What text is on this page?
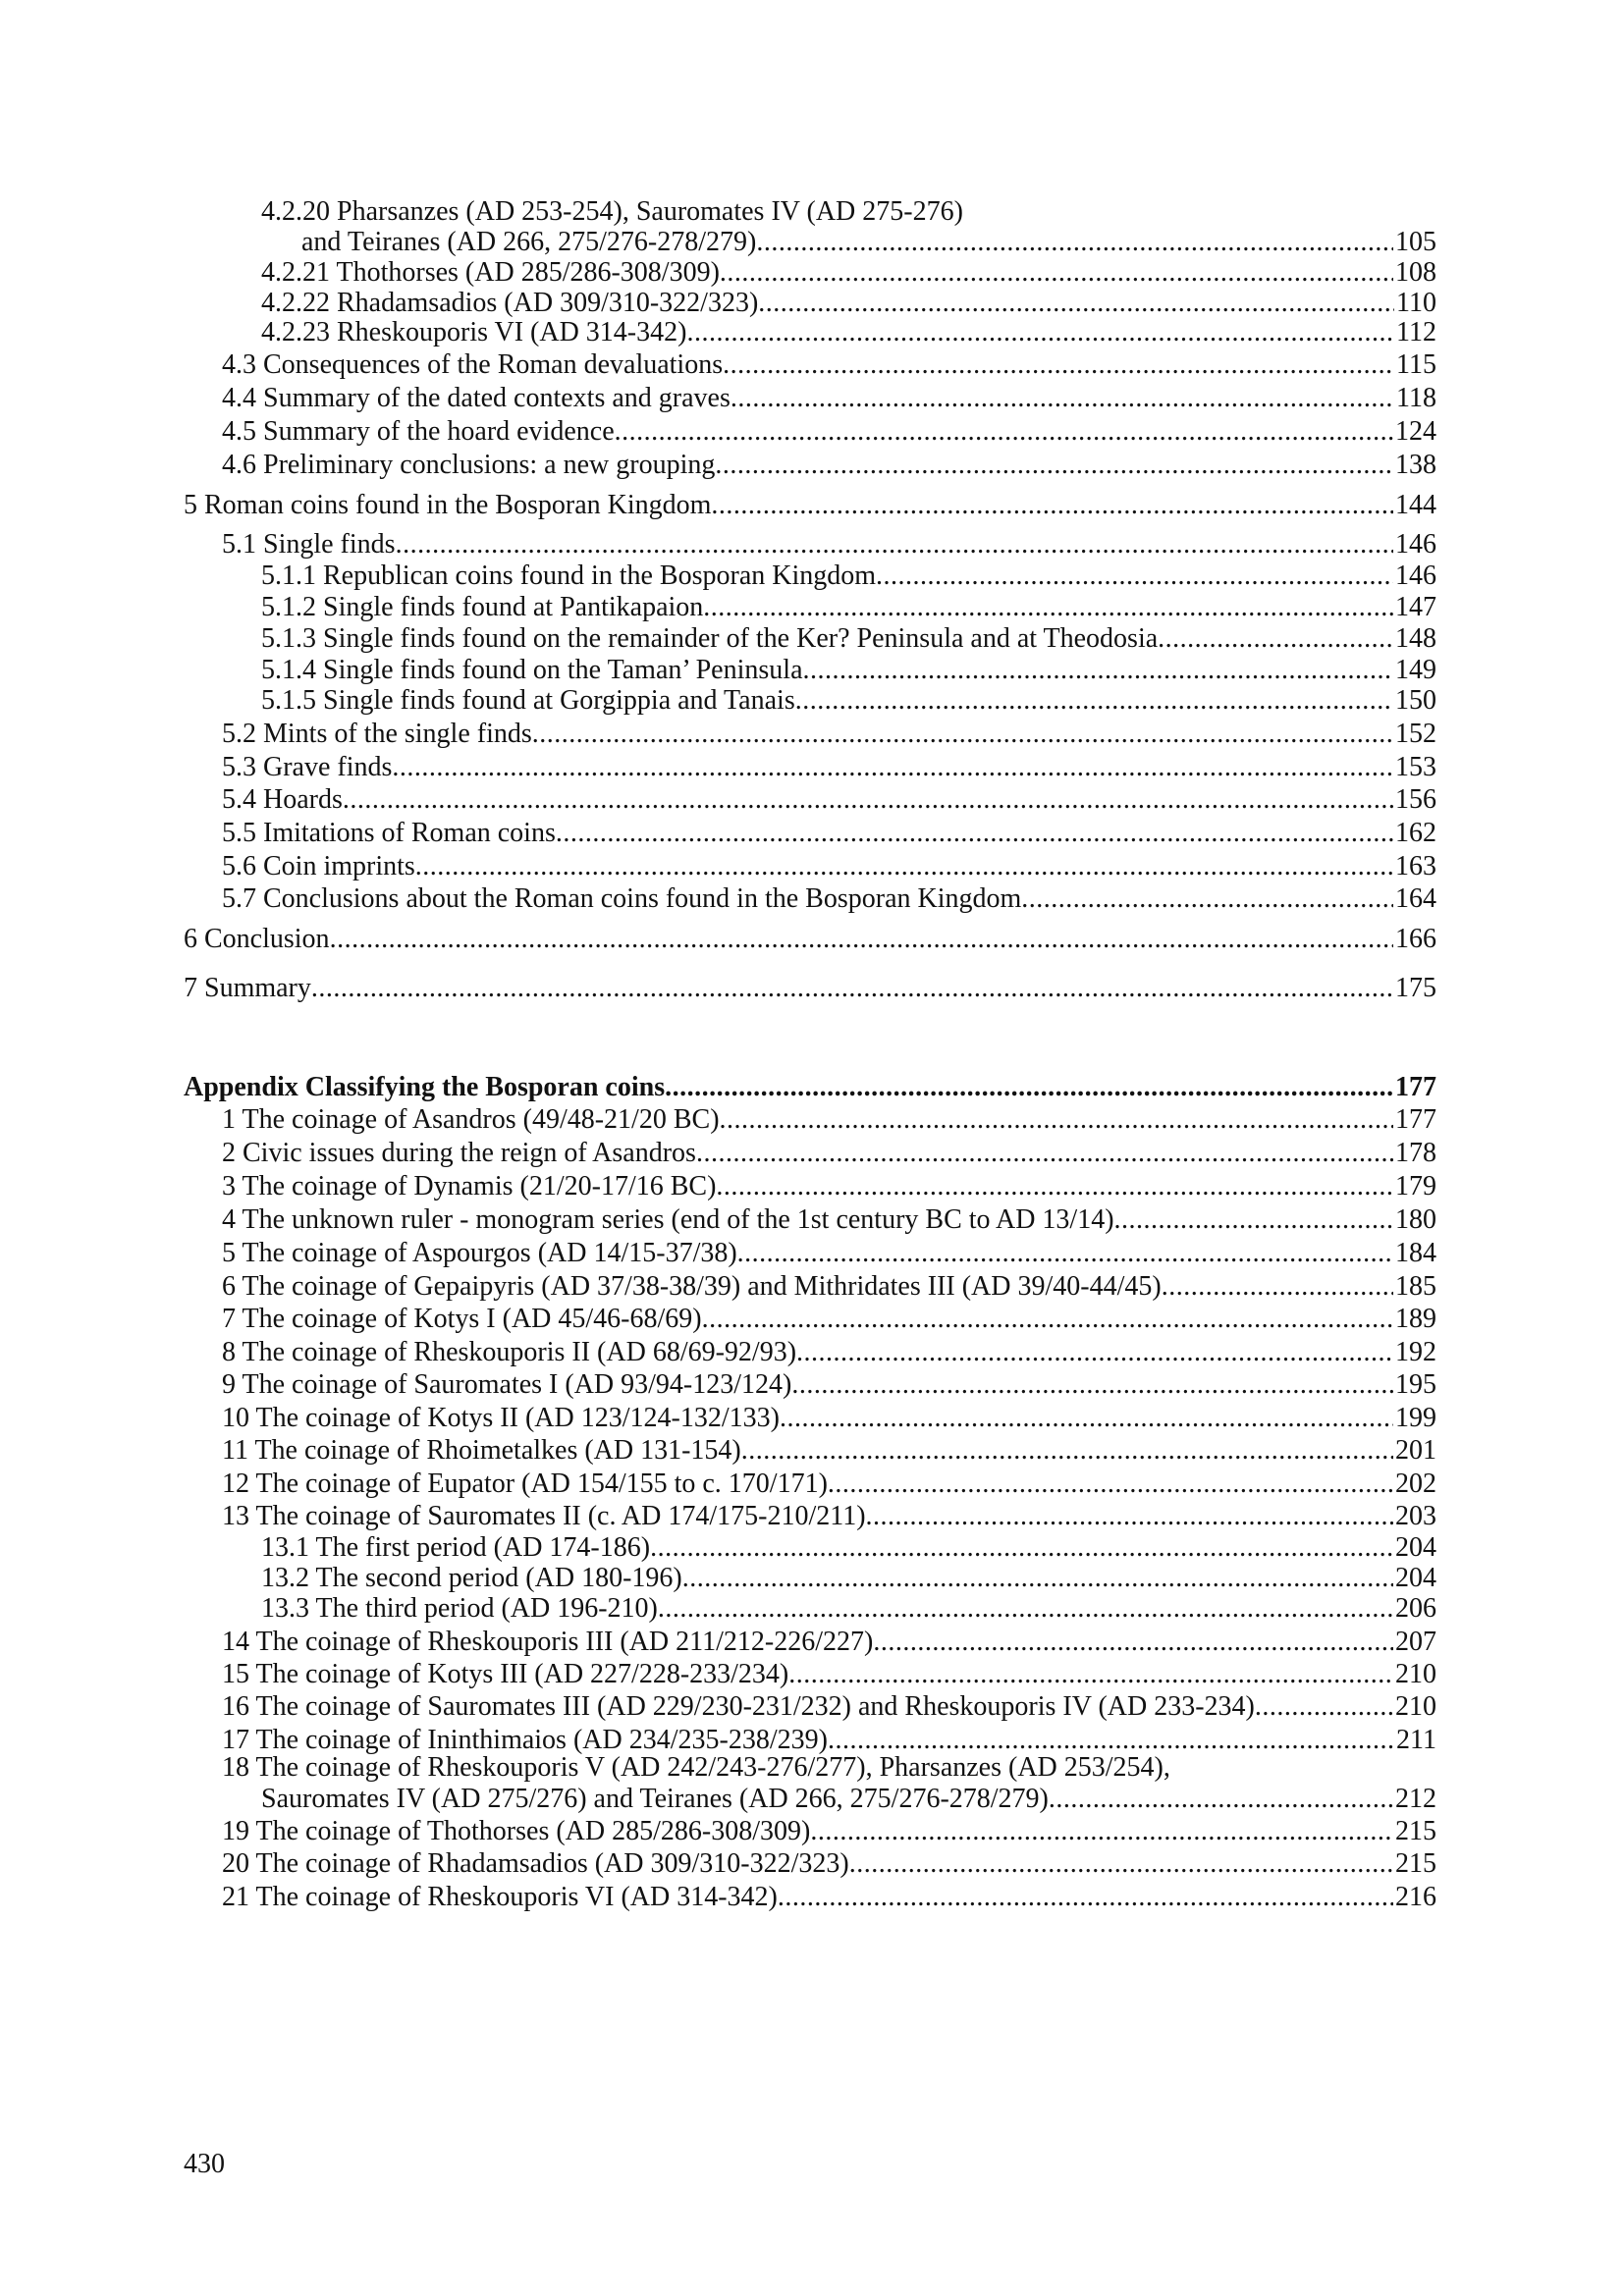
4.2.20 Pharsanzes (AD 253-254), Sauromates IV (AD 275-276)
and Teiranes (AD 266, 275/276-278/279) .....	105
4.2.21 Thothorses (AD 285/286-308/309) .....	108
4.2.22 Rhadamsadios (AD 309/310-322/323) .....	110
4.2.23 Rheskouporis VI (AD 314-342) .....	112
4.3 Consequences of the Roman devaluations .....	115
4.4 Summary of the dated contexts and graves .....	118
4.5 Summary of the hoard evidence .....	124
4.6 Preliminary conclusions: a new grouping .....	138
5 Roman coins found in the Bosporan Kingdom .....	144
5.1 Single finds .....	146
5.1.1 Republican coins found in the Bosporan Kingdom .....	146
5.1.2 Single finds found at Pantikapaion .....	147
5.1.3 Single finds found on the remainder of the Ker? Peninsula and at Theodosia .....	148
5.1.4 Single finds found on the Taman’ Peninsula .....	149
5.1.5 Single finds found at Gorgippia and Tanais .....	150
5.2 Mints of the single finds .....	152
5.3 Grave finds .....	153
5.4 Hoards .....	156
5.5 Imitations of Roman coins .....	162
5.6 Coin imprints .....	163
5.7 Conclusions about the Roman coins found in the Bosporan Kingdom .....	164
6 Conclusion .....	166
7 Summary .....	175
Appendix Classifying the Bosporan coins .....	177
1 The coinage of Asandros (49/48-21/20 BC) .....	177
2 Civic issues during the reign of Asandros .....	178
3 The coinage of Dynamis (21/20-17/16 BC) .....	179
4 The unknown ruler - monogram series (end of the 1st century BC to AD 13/14) .....	180
5 The coinage of Aspourgos (AD 14/15-37/38) .....	184
6 The coinage of Gepaipyris (AD 37/38-38/39) and Mithridates III (AD 39/40-44/45) .....	185
7 The coinage of Kotys I (AD 45/46-68/69) .....	189
8 The coinage of Rheskouporis II (AD 68/69-92/93) .....	192
9 The coinage of Sauromates I (AD 93/94-123/124) .....	195
10 The coinage of Kotys II (AD 123/124-132/133) .....	199
11 The coinage of Rhoimetalkes (AD 131-154) .....	201
12 The coinage of Eupator (AD 154/155 to c. 170/171) .....	202
13 The coinage of Sauromates II (c. AD 174/175-210/211) .....	203
13.1 The first period (AD 174-186) .....	204
13.2 The second period (AD 180-196) .....	204
13.3 The third period (AD 196-210) .....	206
14 The coinage of Rheskouporis III (AD 211/212-226/227) .....	207
15 The coinage of Kotys III (AD 227/228-233/234) .....	210
16 The coinage of Sauromates III (AD 229/230-231/232) and Rheskouporis IV (AD 233-234) .....	210
17 The coinage of Ininthimaios (AD 234/235-238/239) .....	211
18 The coinage of Rheskouporis V (AD 242/243-276/277), Pharsanzes (AD 253/254),
Sauromates IV (AD 275/276) and Teiranes (AD 266, 275/276-278/279) .....	212
19 The coinage of Thothorses (AD 285/286-308/309) .....	215
20 The coinage of Rhadamsadios (AD 309/310-322/323) .....	215
21 The coinage of Rheskouporis VI (AD 314-342) .....	216
430
